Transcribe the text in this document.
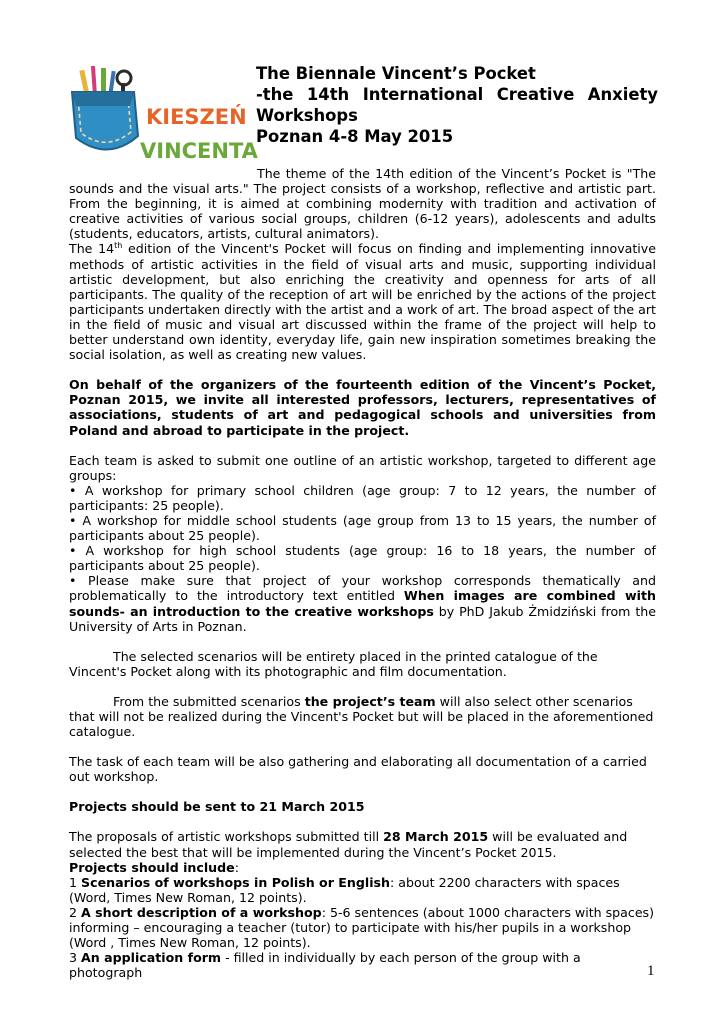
KIESZEŃ
VINCENTA
The Biennale Vincent’s Pocket
-the 14th International Creative Anxiety
Workshops
Poznan 4-8 May 2015

The theme of the 14th edition of the Vincent’s Pocket is "The sounds and the visual arts." The project consists of a workshop, reflective and artistic part. From the beginning, it is aimed at combining modernity with tradition and activation of creative activities of various social groups, children (6-12 years), adolescents and adults (students, educators, artists, cultural animators).

The 14th edition of the Vincent's Pocket will focus on finding and implementing innovative methods of artistic activities in the field of visual arts and music, supporting individual artistic development, but also enriching the creativity and openness for arts of all participants. The quality of the reception of art will be enriched by the actions of the project participants undertaken directly with the artist and a work of art. The broad aspect of the art in the field of music and visual art discussed within the frame of the project will help to better understand own identity, everyday life, gain new inspiration sometimes breaking the social isolation, as well as creating new values.

On behalf of the organizers of the fourteenth edition of the Vincent’s Pocket, Poznan 2015, we invite all interested professors, lecturers, representatives of associations, students of art and pedagogical schools and universities from Poland and abroad to participate in the project.

Each team is asked to submit one outline of an artistic workshop, targeted to different age groups:

• A workshop for primary school children (age group: 7 to 12 years, the number of participants: 25 people).

• A workshop for middle school students (age group from 13 to 15 years, the number of participants about 25 people).

• A workshop for high school students (age group: 16 to 18 years, the number of participants about 25 people).

• Please make sure that project of your workshop corresponds thematically and problematically to the introductory text entitled When images are combined with sounds- an introduction to the creative workshops by PhD Jakub Żmidziński from the University of Arts in Poznan.

The selected scenarios will be entirety placed in the printed catalogue of the Vincent's Pocket along with its photographic and film documentation.

From the submitted scenarios the project’s team will also select other scenarios that will not be realized during the Vincent's Pocket but will be placed in the aforementioned catalogue.

The task of each team will be also gathering and elaborating all documentation of a carried out workshop.

Projects should be sent to 21 March 2015

The proposals of artistic workshops submitted till 28 March 2015 will be evaluated and selected the best that will be implemented during the Vincent’s Pocket 2015.

Projects should include:

1 Scenarios of workshops in Polish or English: about 2200 characters with spaces (Word, Times New Roman, 12 points).

2 A short description of a workshop: 5-6 sentences (about 1000 characters with spaces) informing – encouraging a teacher (tutor) to participate with his/her pupils in a workshop (Word , Times New Roman, 12 points).

3 An application form - filled in individually by each person of the group with a photograph	1
